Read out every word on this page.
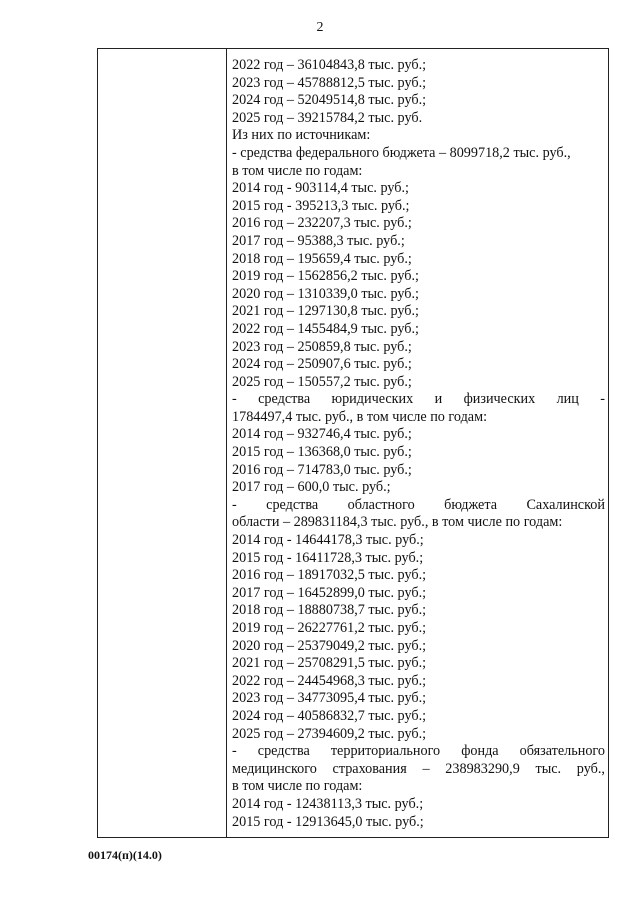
2
2022 год – 36104843,8 тыс. руб.;
2023 год – 45788812,5 тыс. руб.;
2024 год – 52049514,8 тыс. руб.;
2025 год – 39215784,2 тыс. руб.
Из них по источникам:
- средства федерального бюджета – 8099718,2 тыс. руб.,
в том числе по годам:
2014 год - 903114,4 тыс. руб.;
2015 год - 395213,3 тыс. руб.;
2016 год – 232207,3 тыс. руб.;
2017 год – 95388,3 тыс. руб.;
2018 год – 195659,4 тыс. руб.;
2019 год – 1562856,2 тыс. руб.;
2020 год – 1310339,0 тыс. руб.;
2021 год – 1297130,8 тыс. руб.;
2022 год – 1455484,9 тыс. руб.;
2023 год – 250859,8 тыс. руб.;
2024 год – 250907,6 тыс. руб.;
2025 год – 150557,2 тыс. руб.;
- средства юридических и физических лиц -
1784497,4 тыс. руб., в том числе по годам:
2014 год – 932746,4 тыс. руб.;
2015 год – 136368,0 тыс. руб.;
2016 год – 714783,0 тыс. руб.;
2017 год – 600,0 тыс. руб.;
- средства областного бюджета Сахалинской
области – 289831184,3 тыс. руб., в том числе по годам:
2014 год - 14644178,3 тыс. руб.;
2015 год - 16411728,3 тыс. руб.;
2016 год – 18917032,5 тыс. руб.;
2017 год – 16452899,0 тыс. руб.;
2018 год – 18880738,7 тыс. руб.;
2019 год – 26227761,2 тыс. руб.;
2020 год – 25379049,2 тыс. руб.;
2021 год – 25708291,5 тыс. руб.;
2022 год – 24454968,3 тыс. руб.;
2023 год – 34773095,4 тыс. руб.;
2024 год – 40586832,7 тыс. руб.;
2025 год – 27394609,2 тыс. руб.;
- средства территориального фонда обязательного
медицинского страхования – 238983290,9 тыс. руб.,
в том числе по годам:
2014 год - 12438113,3 тыс. руб.;
2015 год - 12913645,0 тыс. руб.;
00174(п)(14.0)
